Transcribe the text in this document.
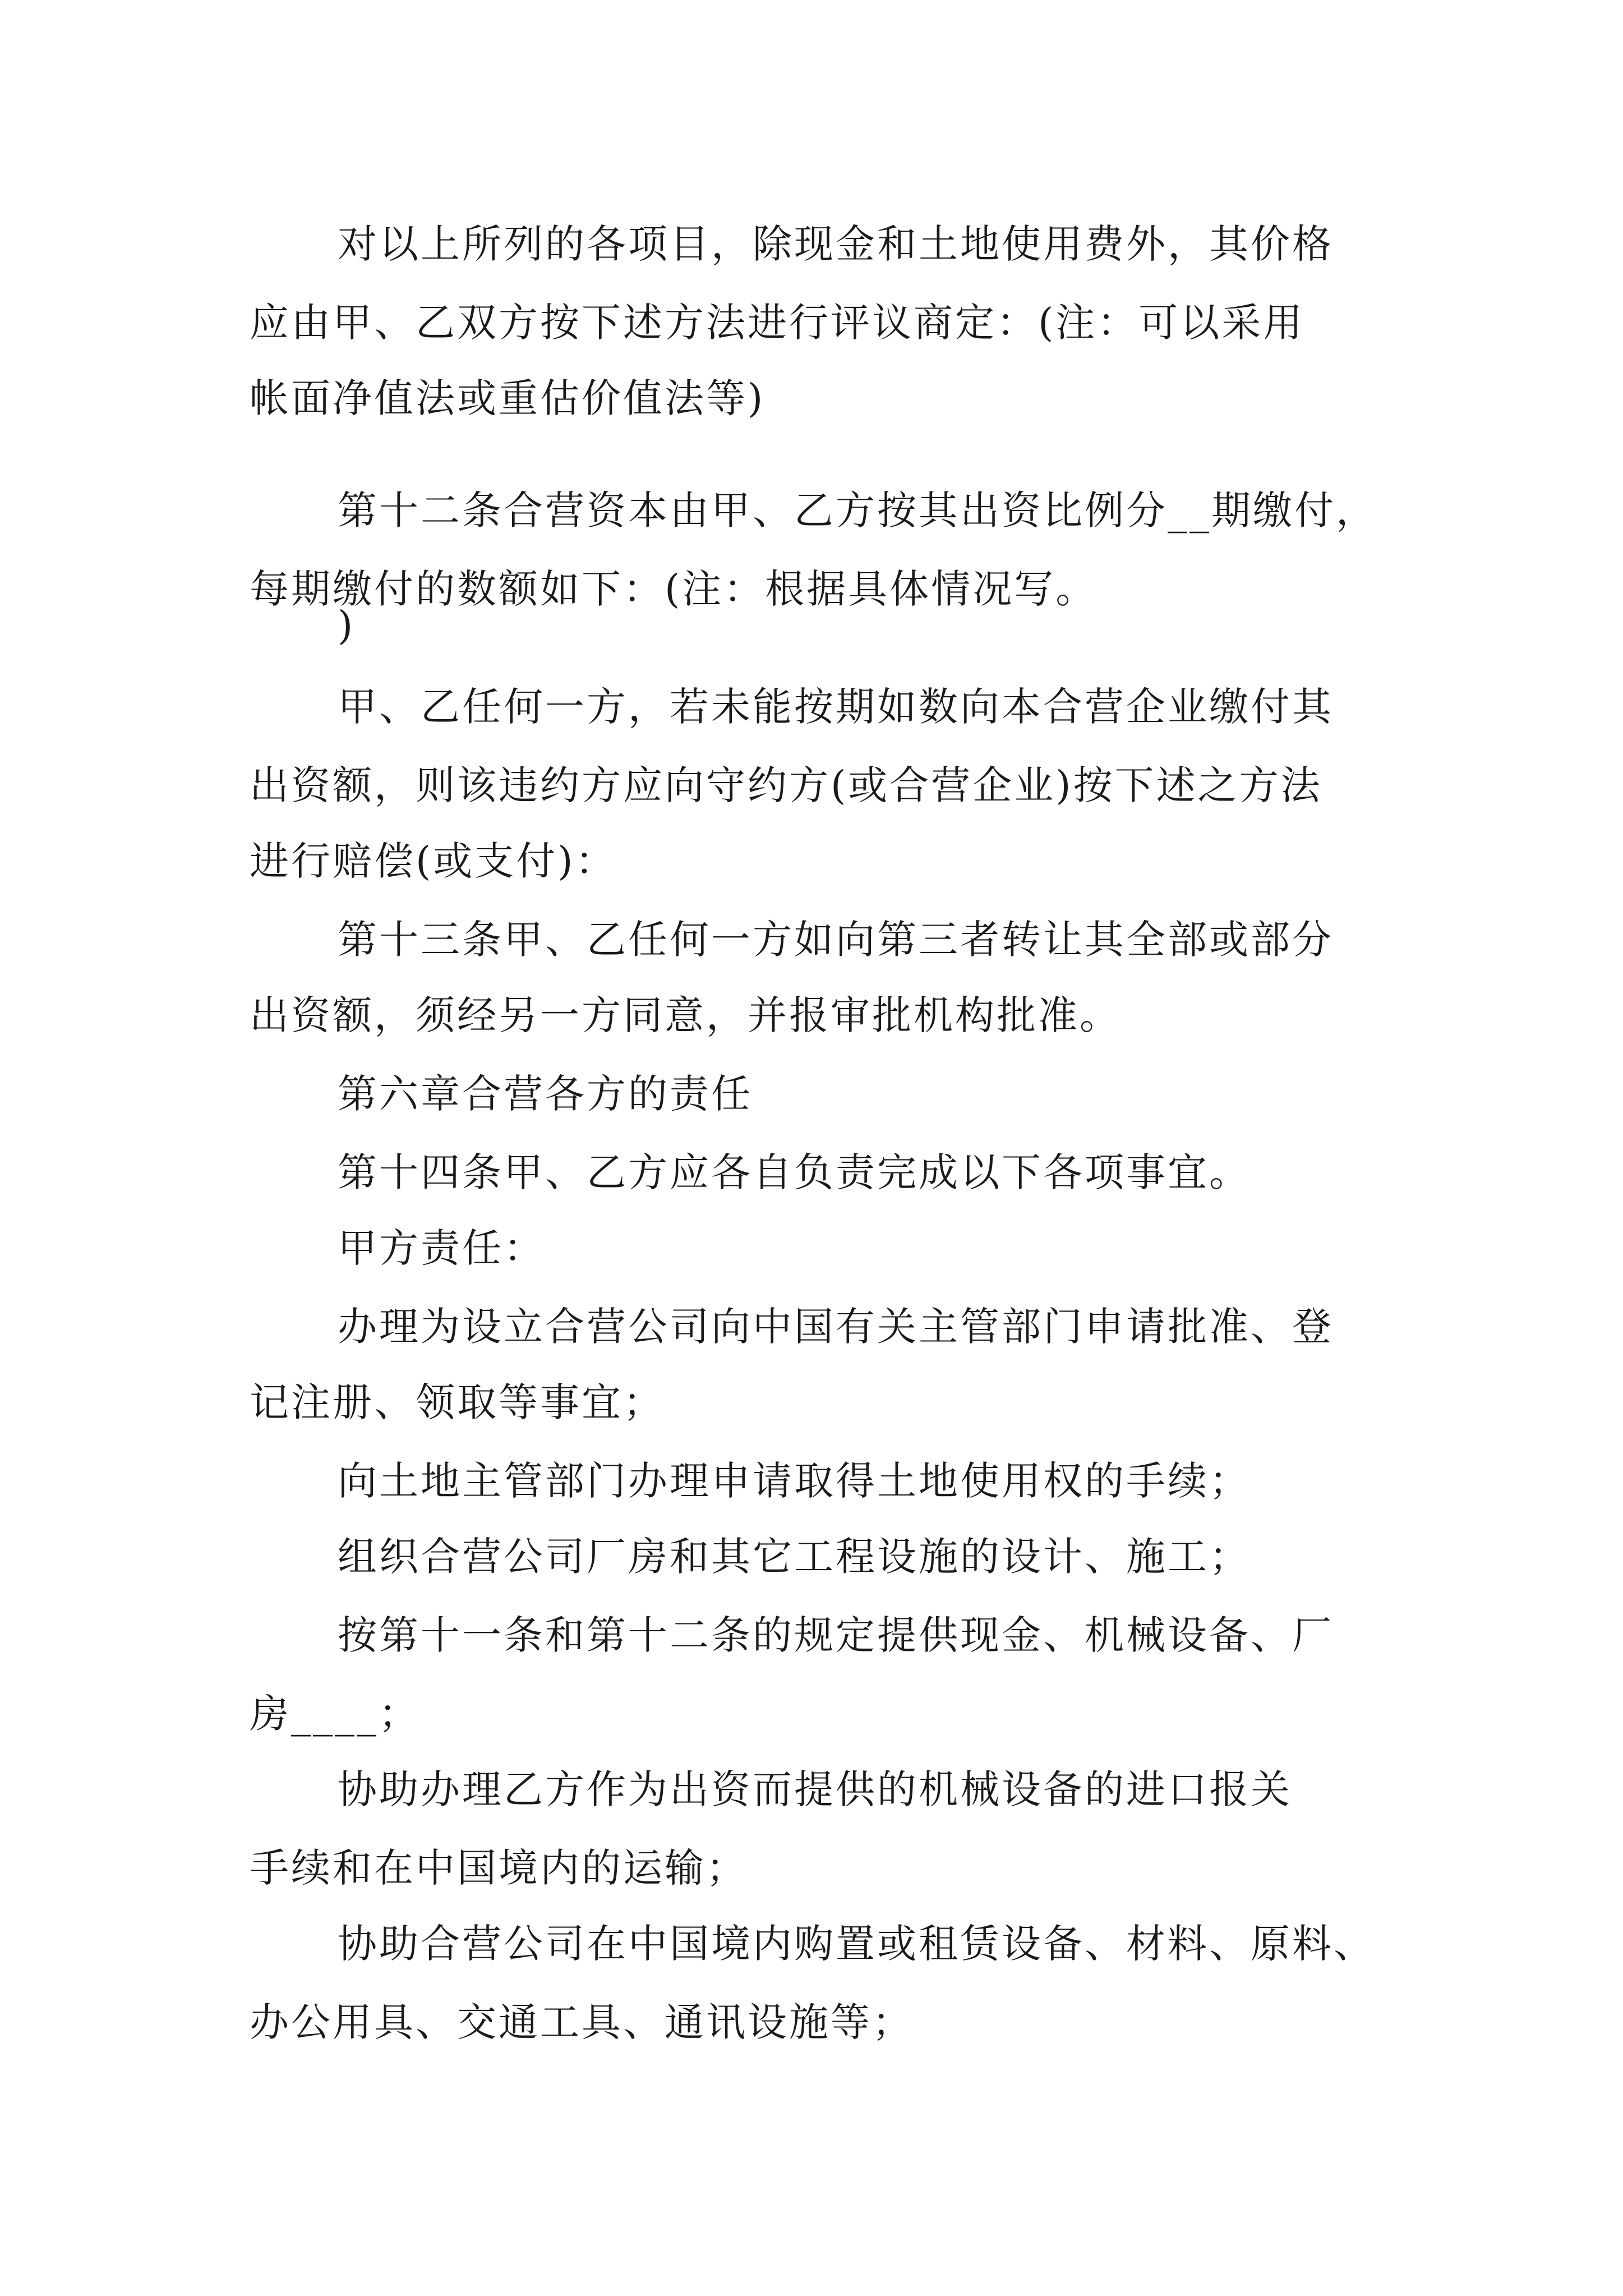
对以上所列的各项目，除现金和土地使用费外，其价格
应由甲、乙双方按下述方法进行评议商定：(注：可以采用
帐面净值法或重估价值法等)
第十二条合营资本由甲、乙方按其出资比例分__期缴付，
每期缴付的数额如下：(注：根据具体情况写。
)
甲、乙任何一方，若未能按期如数向本合营企业缴付其
出资额，则该违约方应向守约方(或合营企业)按下述之方法
进行赔偿(或支付)：
第十三条甲、乙任何一方如向第三者转让其全部或部分
出资额，须经另一方同意，并报审批机构批准。
第六章合营各方的责任
第十四条甲、乙方应各自负责完成以下各项事宜。
甲方责任：
办理为设立合营公司向中国有关主管部门申请批准、登
记注册、领取等事宜；
向土地主管部门办理申请取得土地使用权的手续；
组织合营公司厂房和其它工程设施的设计、施工；
按第十一条和第十二条的规定提供现金、机械设备、厂
房____；
协助办理乙方作为出资而提供的机械设备的进口报关
手续和在中国境内的运输；
协助合营公司在中国境内购置或租赁设备、材料、原料、
办公用具、交通工具、通讯设施等；
